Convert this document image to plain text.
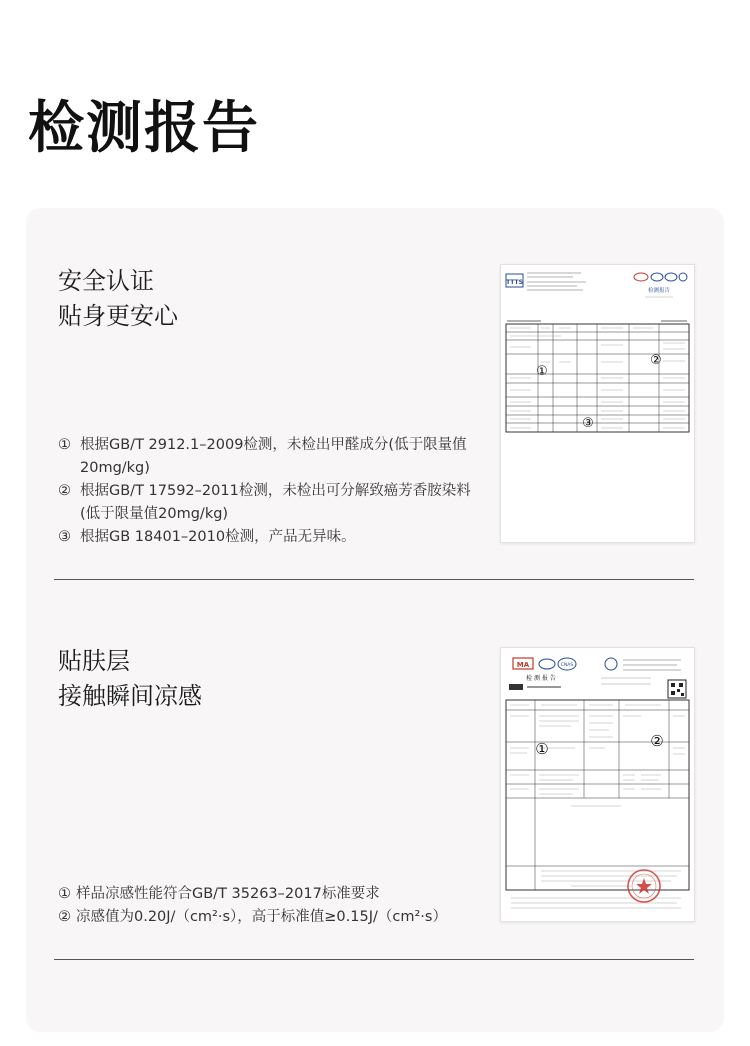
检测报告
安全认证
贴身更安心
① 根据GB/T 2912.1–2009检测，未检出甲醛成分(低于限量值20mg/kg)
② 根据GB/T 17592–2011检测，未检出可分解致癌芳香胺染料(低于限量值20mg/kg)
③ 根据GB 18401–2010检测，产品无异味。
TTTS
检测报告
①
②
③
贴肤层
接触瞬间凉感
① 样品凉感性能符合GB/T 35263–2017标准要求
② 凉感值为0.20J/（cm²·s），高于标准值≥0.15J/（cm²·s）
MA	CNAS
检 测 报 告
①	②
